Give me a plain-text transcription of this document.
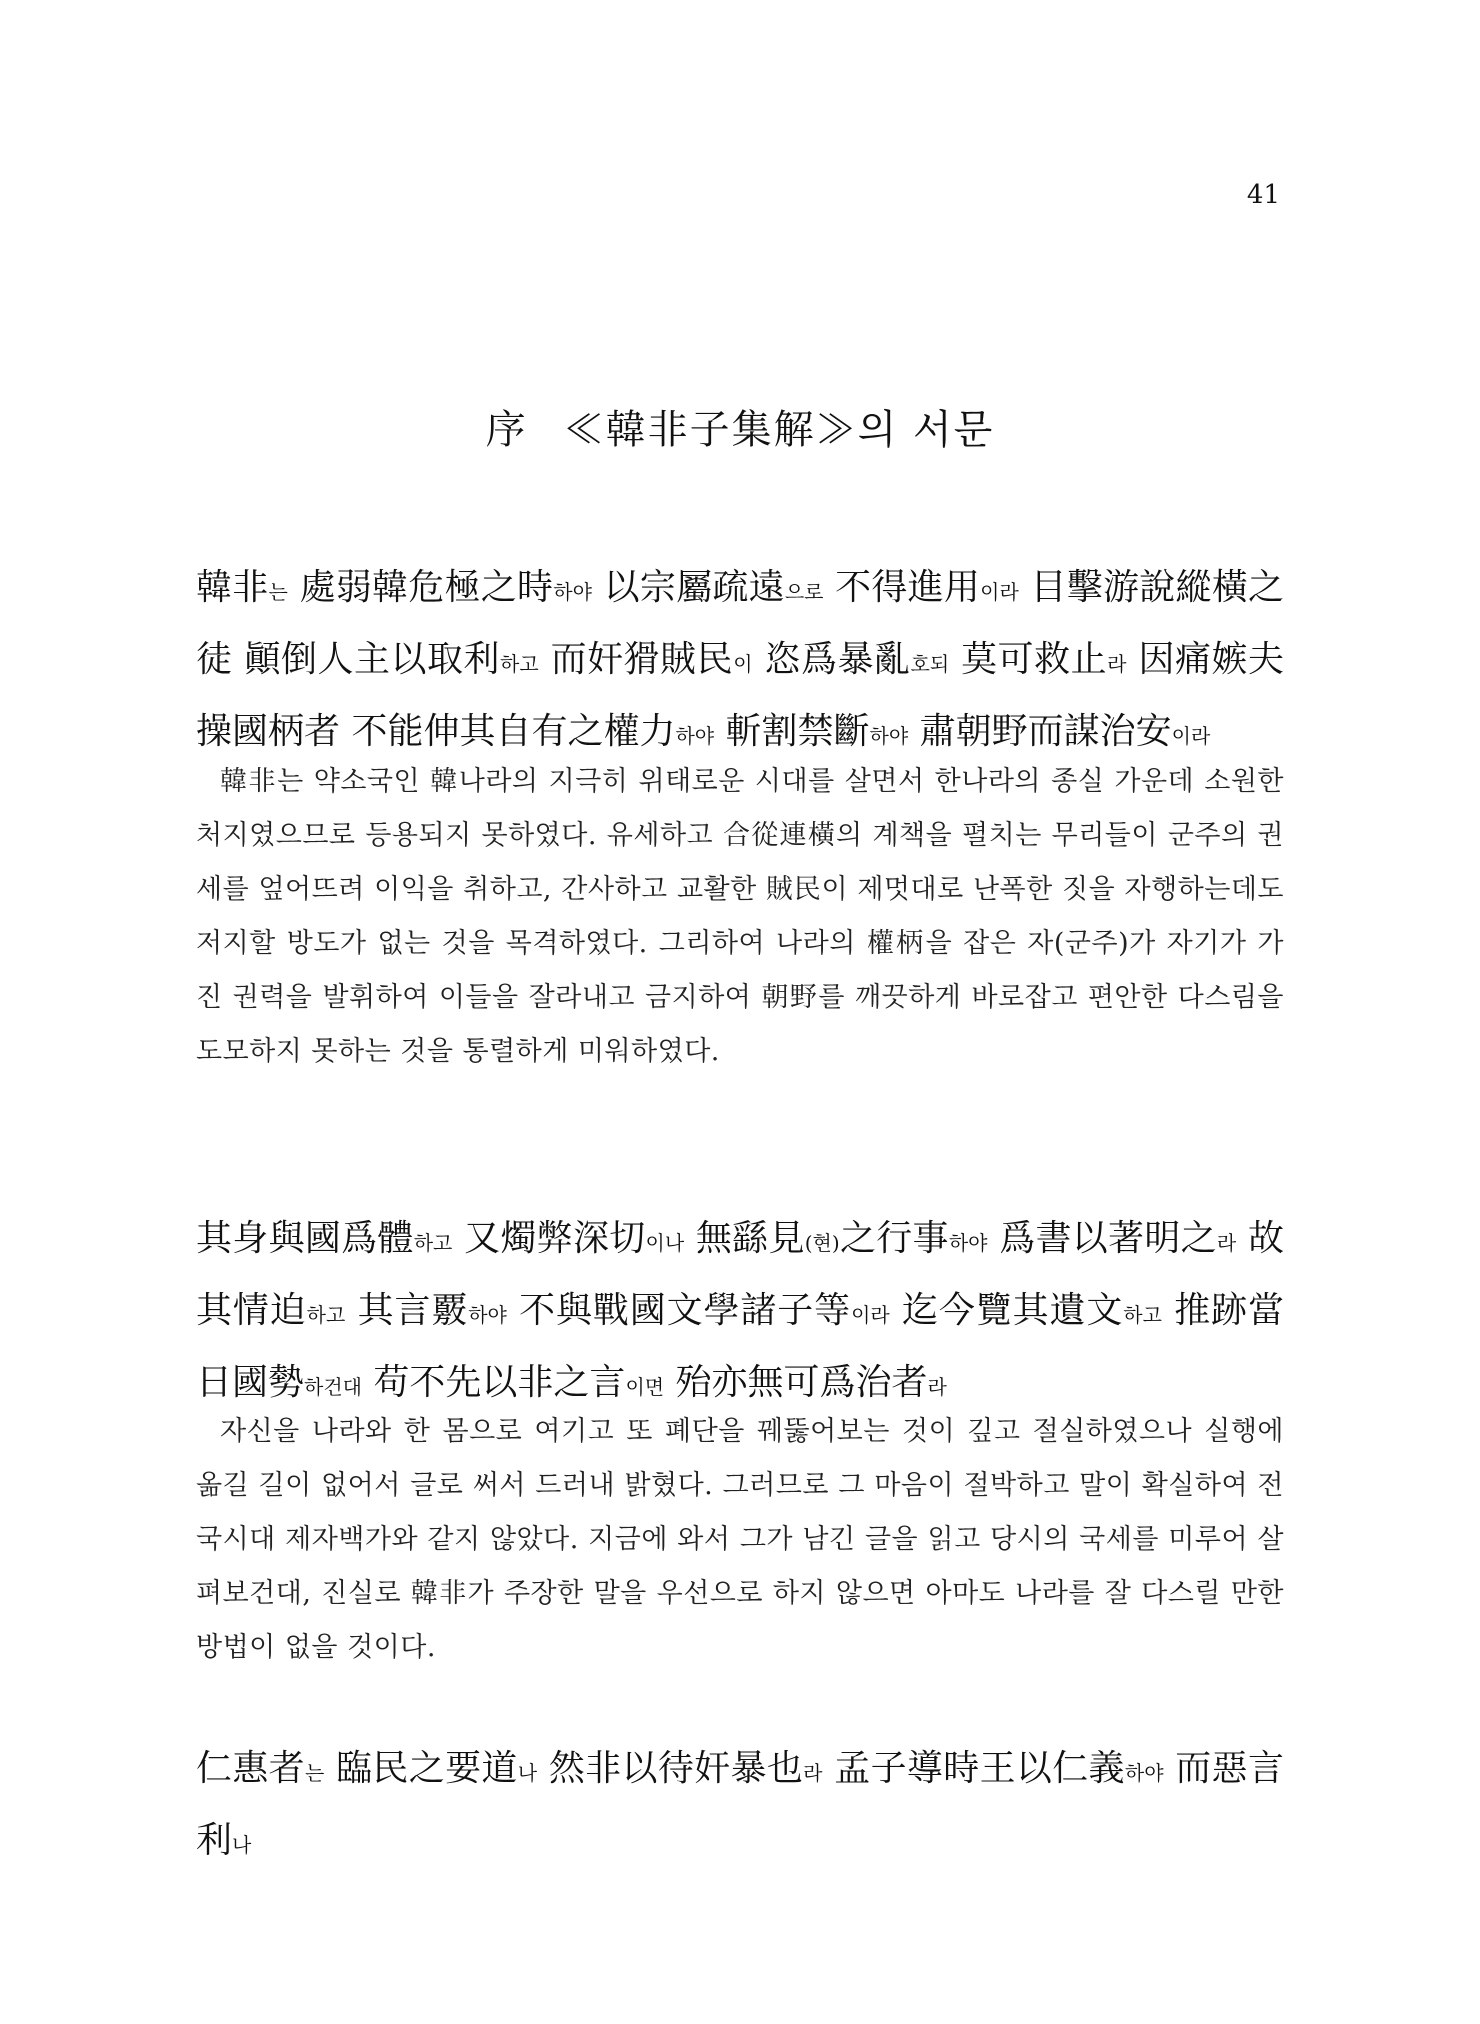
41
序 ≪韓非子集解≫의 서문
韓非는 處弱韓危極之時하야 以宗屬疏遠으로 不得進用이라 目擊游說縱橫之徒 顚倒人主以取利하고 而奸猾賊民이 恣爲暴亂호되 莫可救止라 因痛嫉夫操國柄者 不能伸其自有之權力하야 斬割禁斷하야 肅朝野而謀治安이라
韓非는 약소국인 韓나라의 지극히 위태로운 시대를 살면서 한나라의 종실 가운데 소원한 처지였으므로 등용되지 못하였다. 유세하고 合從連橫의 계책을 펼치는 무리들이 군주의 권세를 엎어뜨려 이익을 취하고, 간사하고 교활한 賊民이 제멋대로 난폭한 짓을 자행하는데도 저지할 방도가 없는 것을 목격하였다. 그리하여 나라의 權柄을 잡은 자(군주)가 자기가 가진 권력을 발휘하여 이들을 잘라내고 금지하여 朝野를 깨끗하게 바로잡고 편안한 다스림을 도모하지 못하는 것을 통렬하게 미워하였다.
其身與國爲體하고 又燭弊深切이나 無繇見(현)之行事하야 爲書以著明之라 故其情迫하고 其言覈하야 不與戰國文學諸子等이라 迄今覽其遺文하고 推跡當日國勢하건대 苟不先以非之言이면 殆亦無可爲治者라
자신을 나라와 한 몸으로 여기고 또 폐단을 꿰뚫어보는 것이 깊고 절실하였으나 실행에 옮길 길이 없어서 글로 써서 드러내 밝혔다. 그러므로 그 마음이 절박하고 말이 확실하여 전국시대 제자백가와 같지 않았다. 지금에 와서 그가 남긴 글을 읽고 당시의 국세를 미루어 살펴보건대, 진실로 韓非가 주장한 말을 우선으로 하지 않으면 아마도 나라를 잘 다스릴 만한 방법이 없을 것이다.
仁惠者는 臨民之要道나 然非以待奸暴也라 孟子導時王以仁義하야 而惡言利나
